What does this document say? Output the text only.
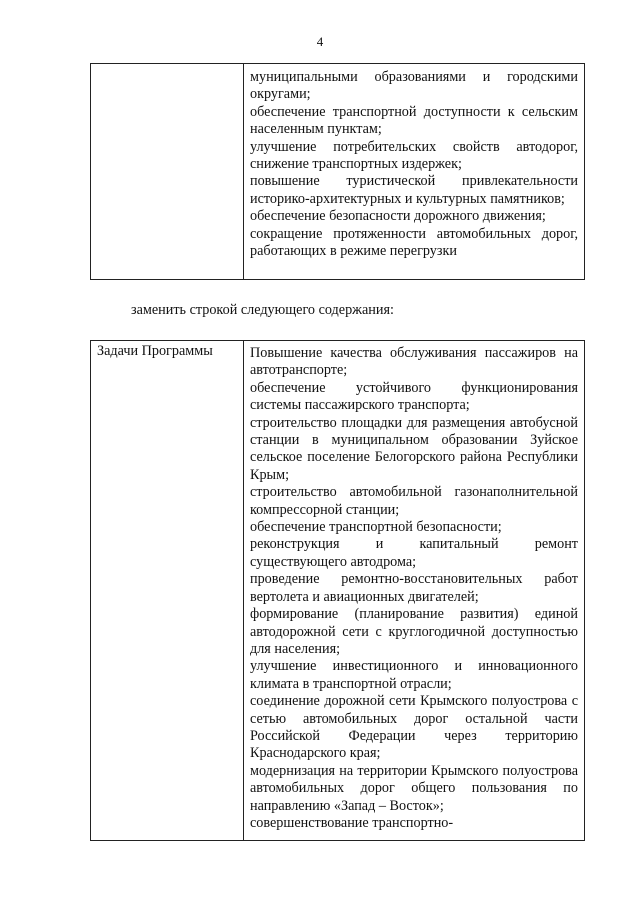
4

муниципальными образованиями и городскими округами;
обеспечение транспортной доступности к сельским населенным пунктам;
улучшение потребительских свойств автодорог, снижение транспортных издержек;
повышение туристической привлекательности историко-архитектурных и культурных памятников;
обеспечение безопасности дорожного движения;
сокращение протяженности автомобильных дорог, работающих в режиме перегрузки
заменить строкой следующего содержания:
Задачи Программы	Повышение качества обслуживания пассажиров на автотранспорте;
обеспечение устойчивого функционирования системы пассажирского транспорта;
строительство площадки для размещения автобусной станции в муниципальном образовании Зуйское сельское поселение Белогорского района Республики Крым;
строительство автомобильной газонаполнительной компрессорной станции;
обеспечение транспортной безопасности;
реконструкция и капитальный ремонт существующего автодрома;
проведение ремонтно-восстановительных работ вертолета и авиационных двигателей;
формирование (планирование развития) единой автодорожной сети с круглогодичной доступностью для населения;
улучшение инвестиционного и инновационного климата в транспортной отрасли;
соединение дорожной сети Крымского полуострова с сетью автомобильных дорог остальной части Российской Федерации через территорию Краснодарского края;
модернизация на территории Крымского полуострова автомобильных дорог общего пользования по направлению «Запад – Восток»;
совершенствование транспортно-
